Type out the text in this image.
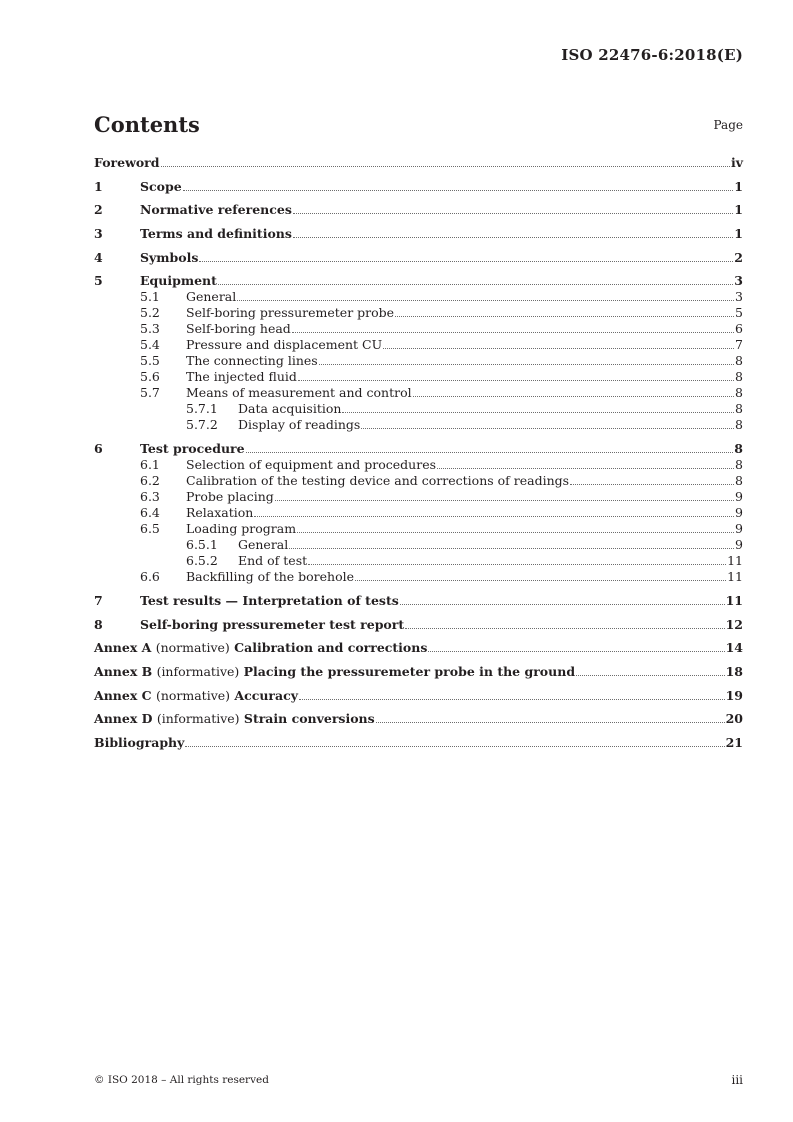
ISO 22476-6:2018(E)
Contents	Page
Foreword	iv
1	Scope	1
2	Normative references	1
3	Terms and definitions	1
4	Symbols	2
5	Equipment	3
5.1	General	3
5.2	Self-boring pressuremeter probe	5
5.3	Self-boring head	6
5.4	Pressure and displacement CU	7
5.5	The connecting lines	8
5.6	The injected fluid	8
5.7	Means of measurement and control	8
5.7.1	Data acquisition	8
5.7.2	Display of readings	8
6	Test procedure	8
6.1	Selection of equipment and procedures	8
6.2	Calibration of the testing device and corrections of readings	8
6.3	Probe placing	9
6.4	Relaxation	9
6.5	Loading program	9
6.5.1	General	9
6.5.2	End of test	11
6.6	Backfilling of the borehole	11
7	Test results — Interpretation of tests	11
8	Self-boring pressuremeter test report	12
Annex A (normative) Calibration and corrections	14
Annex B (informative) Placing the pressuremeter probe in the ground	18
Annex C (normative) Accuracy	19
Annex D (informative) Strain conversions	20
Bibliography	21
© ISO 2018 – All rights reserved	iii
